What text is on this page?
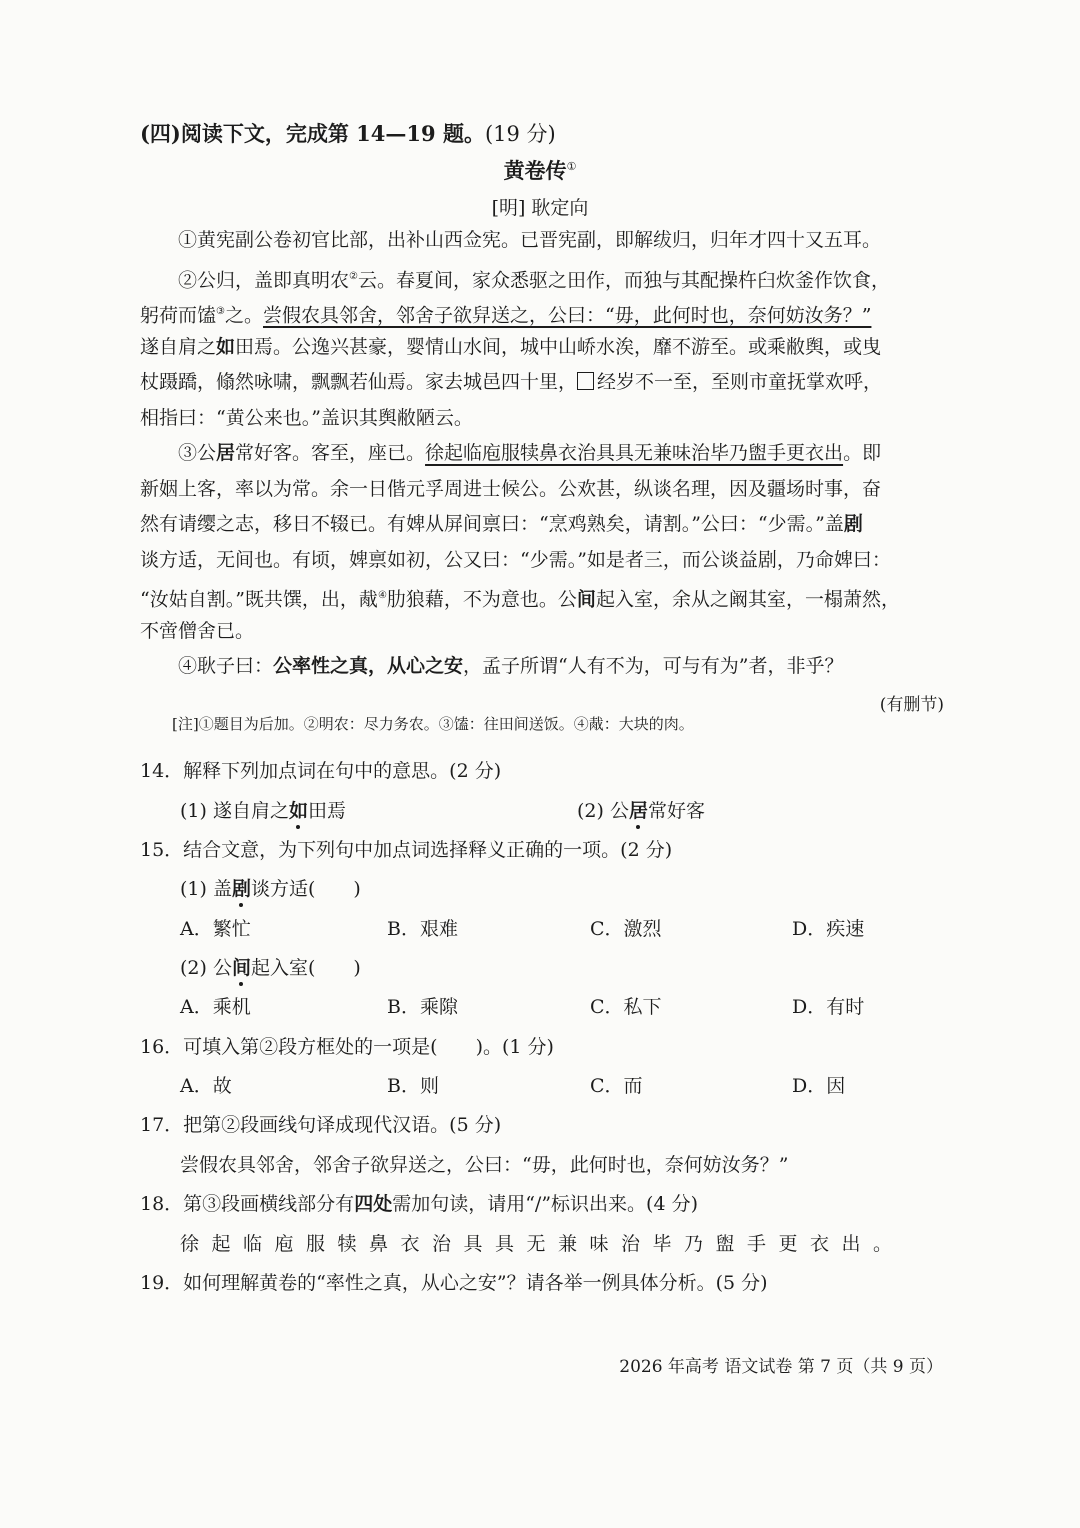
(四)阅读下文，完成第 14—19 题。(19 分)
黄卷传①
[明] 耿定向
①黄宪副公卷初官比部，出补山西佥宪。已晋宪副，即解绂归，归年才四十又五耳。
②公归，盖即真明农②云。春夏间，家众悉驱之田作，而独与其配操杵臼炊釜作饮食，
躬荷而馌③之。尝假农具邻舍，邻舍子欲舁送之，公曰：“毋，此何时也，奈何妨汝务？”
遂自肩之如田焉。公逸兴甚豪，婴情山水间，城中山峤水涘，靡不游至。或乘敝舆，或曳
杖蹑蹻，翛然咏啸，飘飘若仙焉。家去城邑四十里， 经岁不一至，至则市童抚掌欢呼，
相指曰：“黄公来也。”盖识其舆敝陋云。
③公居常好客。客至，座已。徐起临庖服犊鼻衣治具具无兼味治毕乃盥手更衣出。即
新姻上客，率以为常。余一日偕元孚周进士候公。公欢甚，纵谈名理，因及疆场时事，奋
然有请缨之志，移日不辍已。有婢从屏间禀曰：“烹鸡熟矣，请割。”公曰：“少需。”盖剧
谈方适，无间也。有顷，婢禀如初，公又曰：“少需。”如是者三，而公谈益剧，乃命婢曰：
“汝姑自割。”既共馔，出，胾④肋狼藉，不为意也。公间起入室，余从之阚其室，一榻萧然，
不啻僧舍已。
④耿子曰：公率性之真，从心之安，孟子所谓“人有不为，可与有为”者，非乎？
(有删节)
[注]①题目为后加。②明农：尽力务农。③馌：往田间送饭。④胾：大块的肉。
14．解释下列加点词在句中的意思。(2 分)
(1) 遂自肩之如田焉	(2) 公居常好客
15．结合文意，为下列句中加点词选择释义正确的一项。(2 分)
(1) 盖剧谈方适(　　)
A．繁忙	B．艰难	C．激烈	D．疾速
(2) 公间起入室(　　)
A．乘机	B．乘隙	C．私下	D．有时
16．可填入第②段方框处的一项是(　　)。(1 分)
A．故	B．则	C．而	D．因
17．把第②段画线句译成现代汉语。(5 分)
尝假农具邻舍，邻舍子欲舁送之，公曰：“毋，此何时也，奈何妨汝务？”
18．第③段画横线部分有四处需加句读，请用“/”标识出来。(4 分)
徐起临庖服犊鼻衣治具具无兼味治毕乃盥手更衣出。
19．如何理解黄卷的“率性之真，从心之安”？请各举一例具体分析。(5 分)
2026 年高考 语文试卷 第 7 页（共 9 页）
